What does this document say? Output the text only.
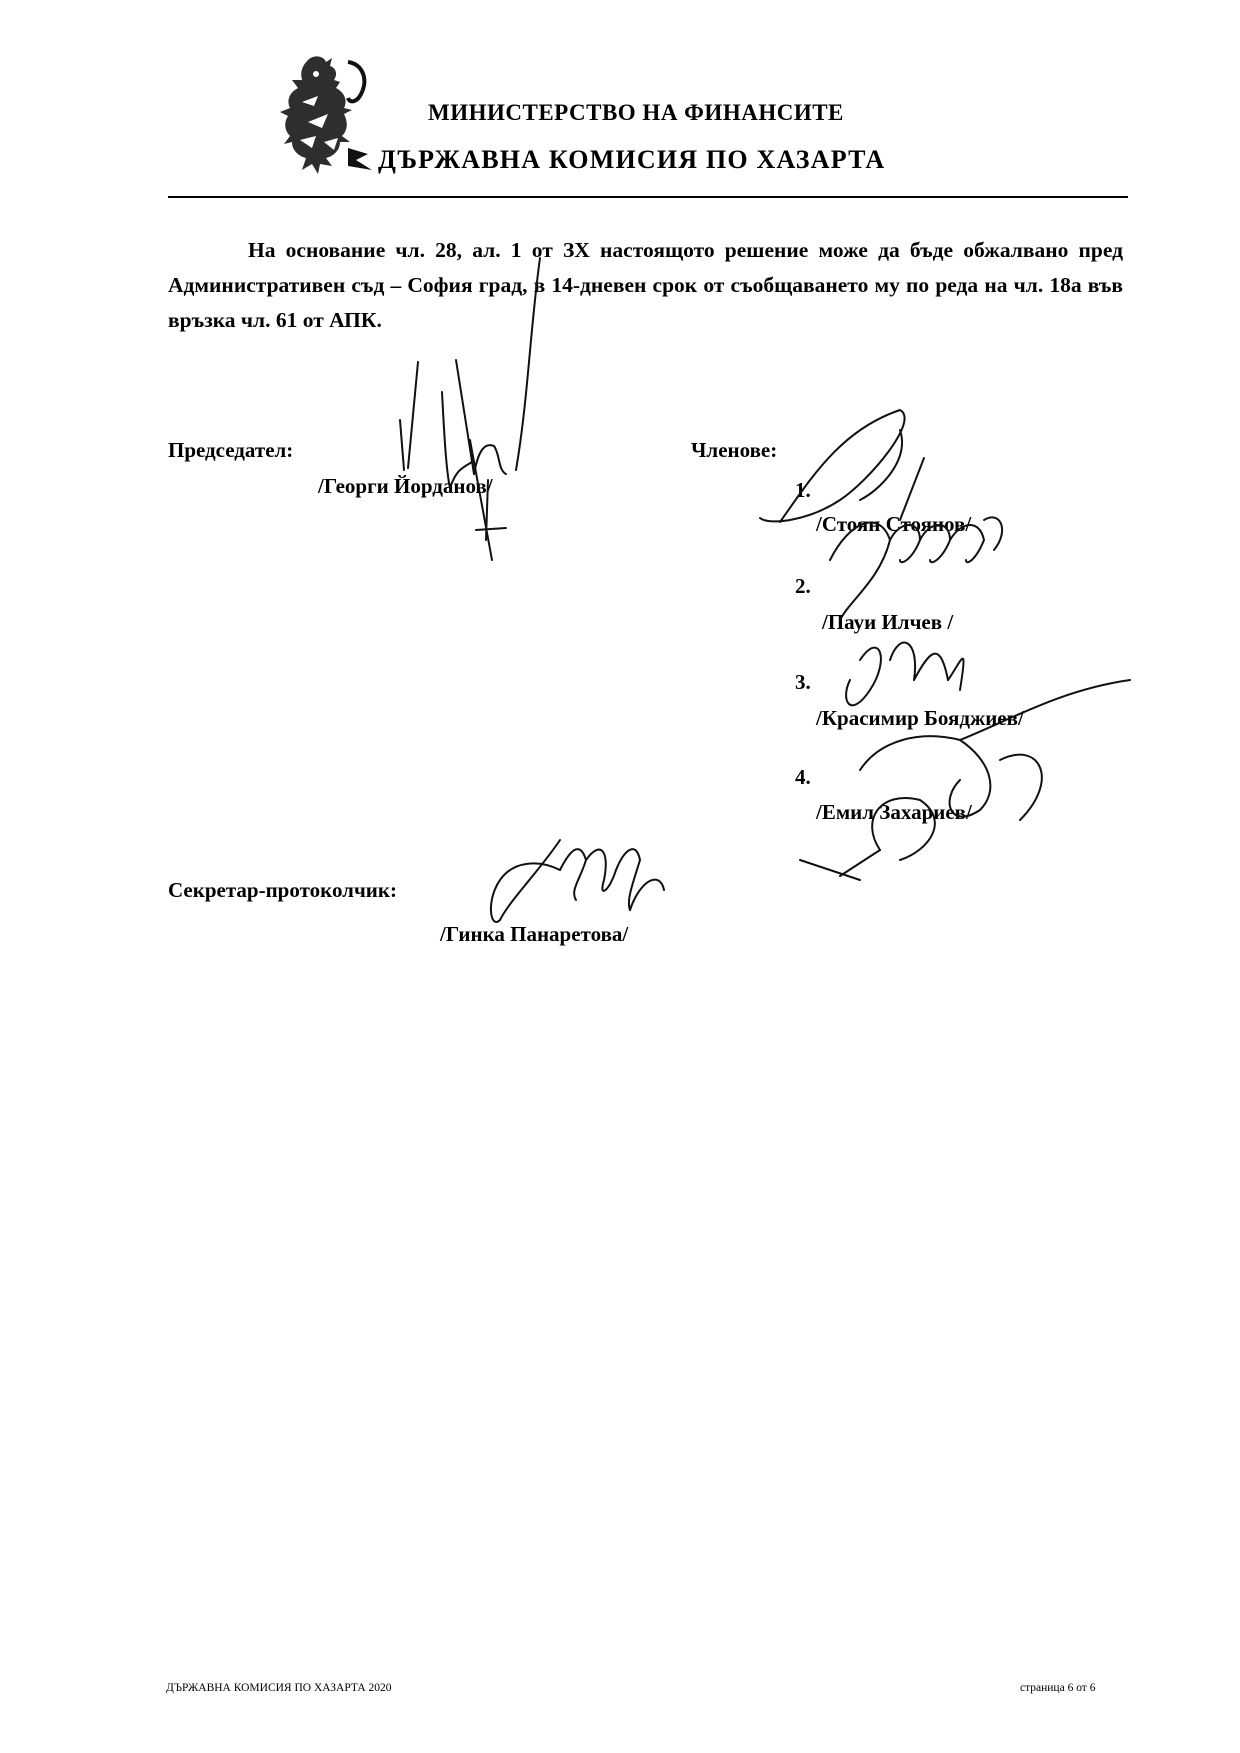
МИНИСТЕРСТВО НА ФИНАНСИТЕ
ДЪРЖАВНА КОМИСИЯ ПО ХАЗАРТА
На основание чл. 28, ал. 1 от ЗХ настоящото решение може да бъде обжалвано пред Административен съд – София град, в 14-дневен срок от съобщаването му по реда на чл. 18а във връзка чл. 61 от АПК.
Председател:
/Георги Йорданов/
Членове:
1.
/Стоян Стоянов/
2.
/Пауи Илчев /
3.
/Красимир Бояджиев/
4.
/Емил Захариев/
Секретар-протоколчик:
/Гинка Панаретова/
ДЪРЖАВНА КОМИСИЯ ПО ХАЗАРТА 2020	страница 6 от 6
